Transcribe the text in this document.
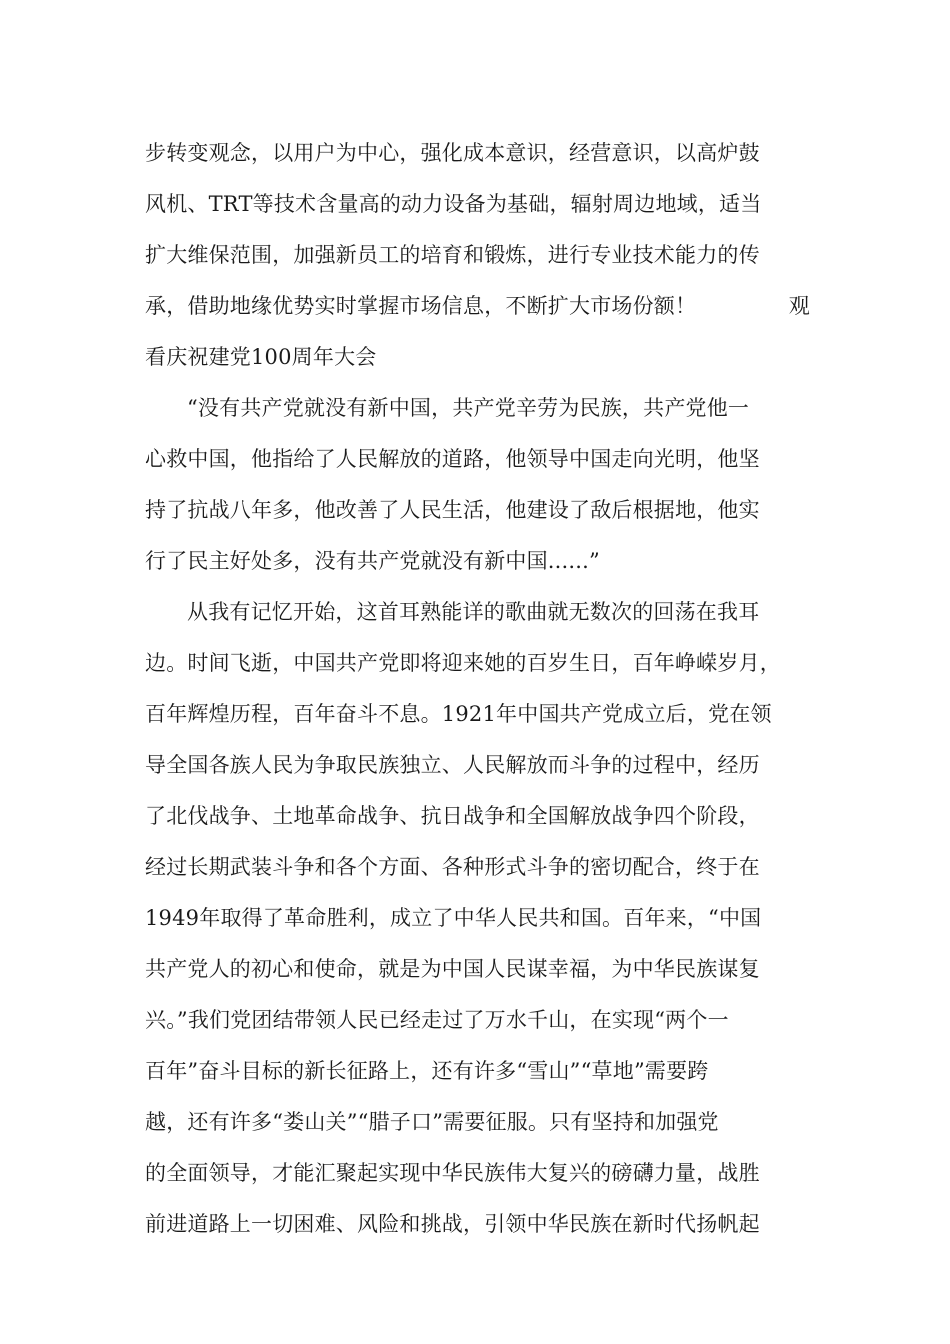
步转变观念，以用户为中心，强化成本意识，经营意识，以高炉鼓
风机、TRT等技术含量高的动力设备为基础，辐射周边地域，适当
扩大维保范围，加强新员工的培育和锻炼，进行专业技术能力的传
承，借助地缘优势实时掌握市场信息，不断扩大市场份额！	观
看庆祝建党100周年大会
“没有共产党就没有新中国，共产党辛劳为民族，共产党他一
心救中国，他指给了人民解放的道路，他领导中国走向光明，他坚
持了抗战八年多，他改善了人民生活，他建设了敌后根据地，他实
行了民主好处多，没有共产党就没有新中国......”
从我有记忆开始，这首耳熟能详的歌曲就无数次的回荡在我耳
边。时间飞逝，中国共产党即将迎来她的百岁生日，百年峥嵘岁月，
百年辉煌历程，百年奋斗不息。1921年中国共产党成立后，党在领
导全国各族人民为争取民族独立、人民解放而斗争的过程中，经历
了北伐战争、土地革命战争、抗日战争和全国解放战争四个阶段，
经过长期武装斗争和各个方面、各种形式斗争的密切配合，终于在
1949年取得了革命胜利，成立了中华人民共和国。百年来，“中国
共产党人的初心和使命，就是为中国人民谋幸福，为中华民族谋复
兴。”我们党团结带领人民已经走过了万水千山，在实现“两个一
百年”奋斗目标的新长征路上，还有许多“雪山”“草地”需要跨
越，还有许多“娄山关”“腊子口”需要征服。只有坚持和加强党
的全面领导，才能汇聚起实现中华民族伟大复兴的磅礴力量，战胜
前进道路上一切困难、风险和挑战，引领中华民族在新时代扬帆起
